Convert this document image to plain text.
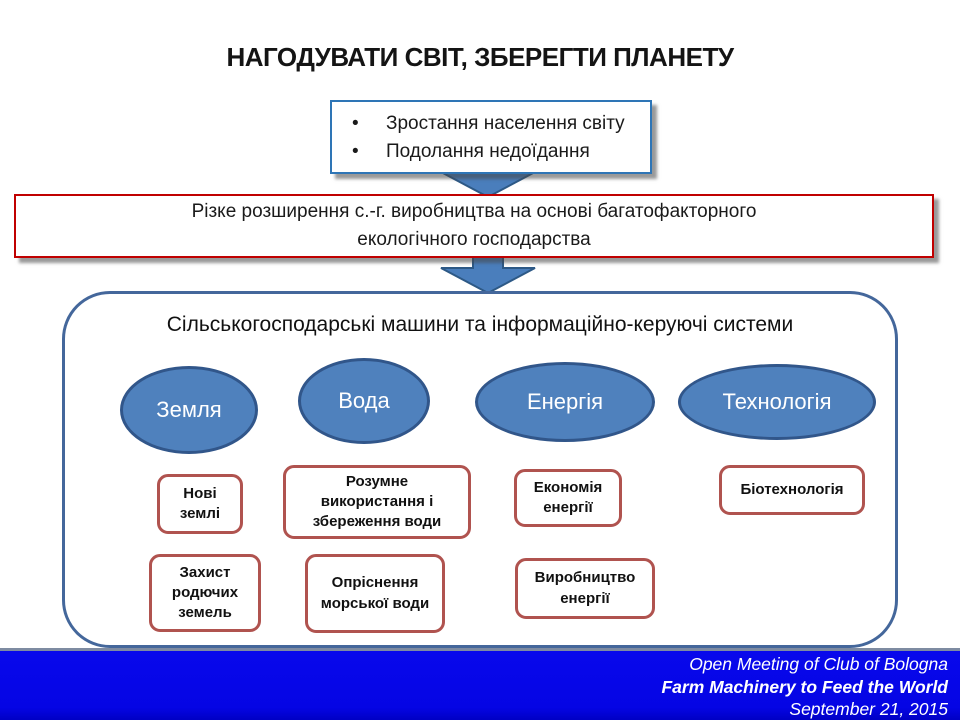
НАГОДУВАТИ СВІТ, ЗБЕРЕГТИ ПЛАНЕТУ
•	Зростання населення світу
•	Подолання недоїдання

Різке розширення с.-г. виробництва на основі багатофакторного екологічного господарства

Сільськогосподарські машини та інформаційно-керуючі системи
Земля	Вода	Енергія	Технологія
Нові землі
Розумне використання і збереження води
Економія енергії
Біотехнологія
Захист родючих земель
Опріснення морської води
Виробництво енергії
Open Meeting of Club of Bologna
Farm Machinery to Feed the World
September 21, 2015
